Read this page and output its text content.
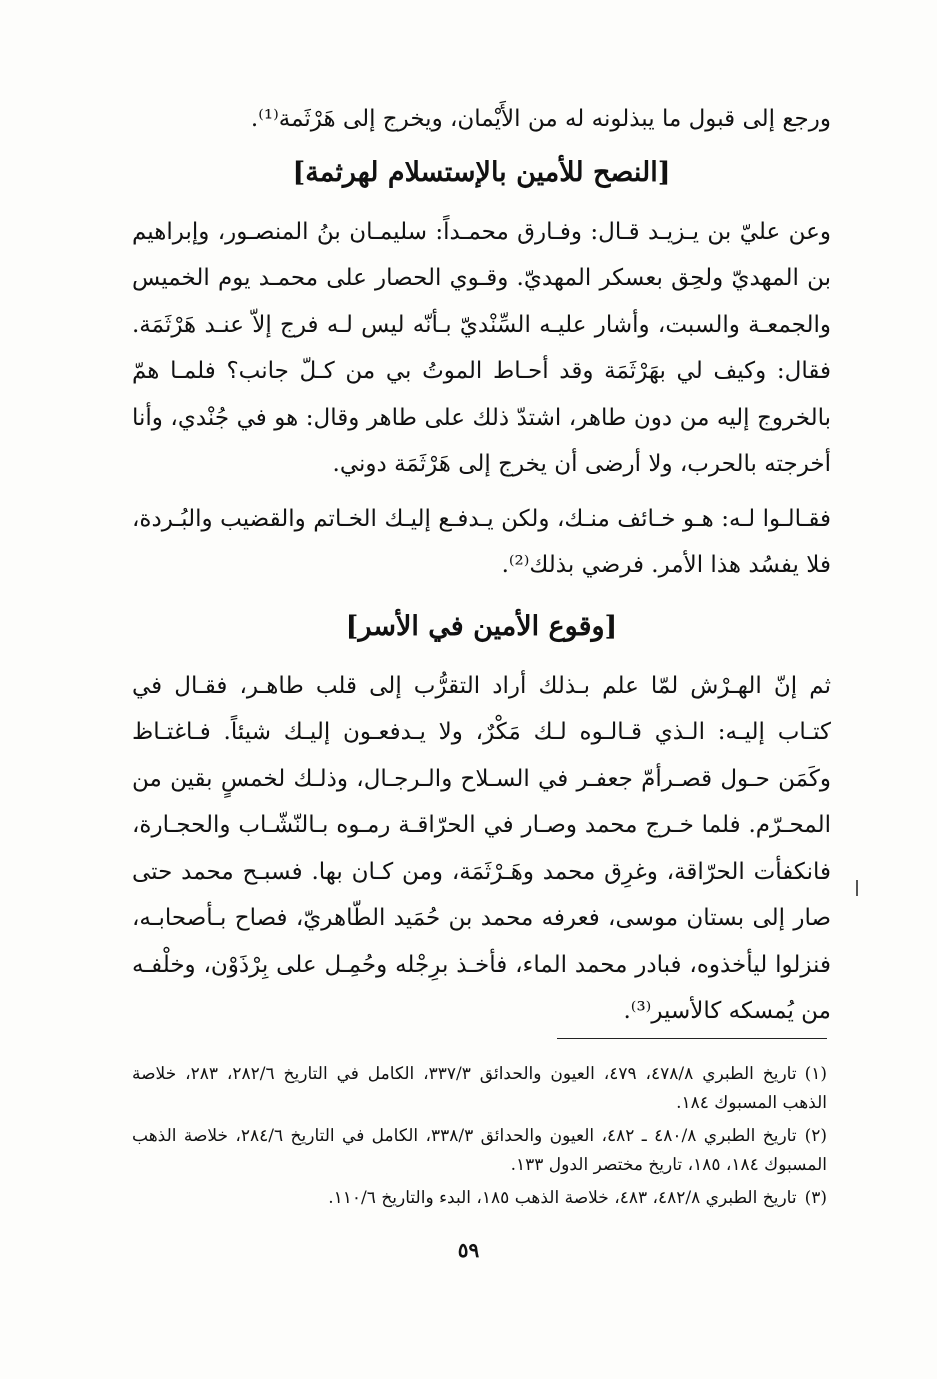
ورجع إلى قبول ما يبذلونه له من الأَيْمان، ويخرج إلى هَرْثَمة⁽¹⁾.

[النصح للأمين بالإستسلام لهرثمة]

وعن عليّ بن يـزيـد قـال: وفـارق محمـداً: سليمـان بنُ المنصـور، وإبراهيم بن المهديّ ولحِق بعسكر المهديّ. وقـوي الحصار على محمـد يوم الخميس والجمعـة والسبت، وأشار عليـه السِّنْديّ بـأنّه ليس لـه فرج إلاّ عنـد هَرْثَمَة. فقال: وكيف لي بهَرْثَمَة وقد أحـاط الموتُ بي من كـلّ جانب؟ فلمـا همّ بالخروج إليه من دون طاهر، اشتدّ ذلك على طاهر وقال: هو في جُنْدي، وأنا أخرجته بالحرب، ولا أرضى أن يخرج إلى هَرْثَمَة دوني.

فقـالـوا لـه: هـو خـائف منـك، ولكن يـدفـع إليـك الخـاتم والقضيب والبُـردة، فلا يفسُد هذا الأمر. فرضي بذلك⁽²⁾.

[وقوع الأمين في الأسر]

ثم إنّ الهـرْش لمّا علم بـذلك أراد التقرُّب إلى قلب طاهـر، فقـال في كتـاب إليـه: الـذي قـالـوه لـك مَكْرٌ، ولا يـدفعـون إليـك شيئاً. فـاغتـاظ وكَمَن حـول قصـرأمّ جعفـر في السـلاح والـرجـال، وذلـك لخمسٍ بقين من المحـرّم. فلما خـرج محمد وصـار في الحرّاقـة رمـوه بـالنّشّـاب والحجـارة، فانكفأت الحرّاقة، وغرِق محمد وهَـرْثَمَة، ومن كـان بها. فسبـح محمد حتى صار إلى بستان موسى، فعرفه محمد بن حُمَيد الطّاهريّ، فصاح بـأصحابـه، فنزلوا ليأخذوه، فبادر محمد الماء، فأخـذ برِجْله وحُمِـل على بِرْذَوْن، وخلْفـه من يُمسكه كالأسير⁽³⁾.

(١)تاريخ الطبري ٤٧٨/٨، ٤٧٩، العيون والحدائق ٣٣٧/٣، الكامل في التاريخ ٢٨٢/٦، ٢٨٣، خلاصة الذهب المسبوك ١٨٤.

(٢)تاريخ الطبري ٤٨٠/٨ ـ ٤٨٢، العيون والحدائق ٣٣٨/٣، الكامل في التاريخ ٢٨٤/٦، خلاصة الذهب المسبوك ١٨٤، ١٨٥، تاريخ مختصر الدول ١٣٣.

(٣)تاريخ الطبري ٤٨٢/٨، ٤٨٣، خلاصة الذهب ١٨٥، البدء والتاريخ ١١٠/٦.

٥٩
